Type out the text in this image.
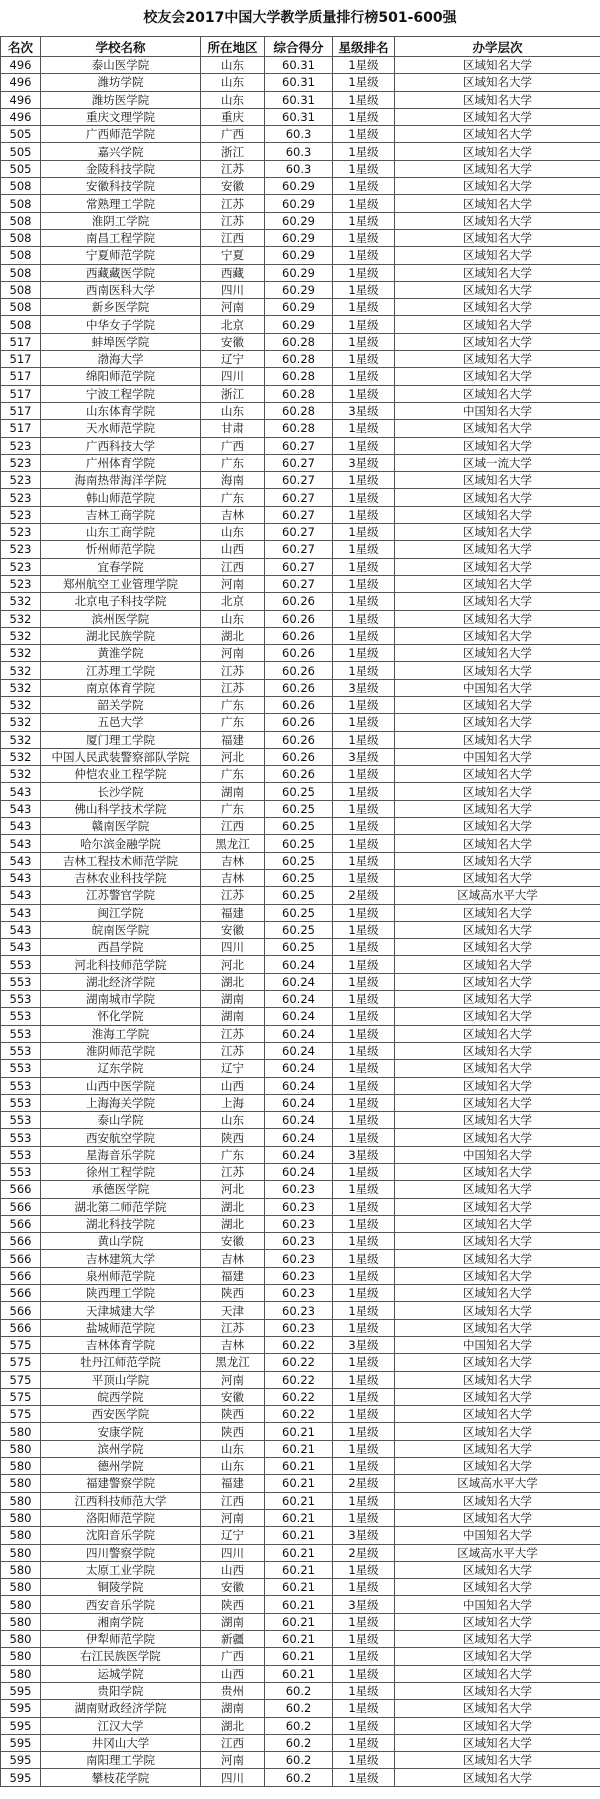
校友会2017中国大学教学质量排行榜501-600强
名次	学校名称	所在地区	综合得分	星级排名	办学层次
496	泰山医学院	山东	60.31	1星级	区域知名大学
496	潍坊学院	山东	60.31	1星级	区域知名大学
496	潍坊医学院	山东	60.31	1星级	区域知名大学
496	重庆文理学院	重庆	60.31	1星级	区域知名大学
505	广西师范学院	广西	60.3	1星级	区域知名大学
505	嘉兴学院	浙江	60.3	1星级	区域知名大学
505	金陵科技学院	江苏	60.3	1星级	区域知名大学
508	安徽科技学院	安徽	60.29	1星级	区域知名大学
508	常熟理工学院	江苏	60.29	1星级	区域知名大学
508	淮阴工学院	江苏	60.29	1星级	区域知名大学
508	南昌工程学院	江西	60.29	1星级	区域知名大学
508	宁夏师范学院	宁夏	60.29	1星级	区域知名大学
508	西藏藏医学院	西藏	60.29	1星级	区域知名大学
508	西南医科大学	四川	60.29	1星级	区域知名大学
508	新乡医学院	河南	60.29	1星级	区域知名大学
508	中华女子学院	北京	60.29	1星级	区域知名大学
517	蚌埠医学院	安徽	60.28	1星级	区域知名大学
517	渤海大学	辽宁	60.28	1星级	区域知名大学
517	绵阳师范学院	四川	60.28	1星级	区域知名大学
517	宁波工程学院	浙江	60.28	1星级	区域知名大学
517	山东体育学院	山东	60.28	3星级	中国知名大学
517	天水师范学院	甘肃	60.28	1星级	区域知名大学
523	广西科技大学	广西	60.27	1星级	区域知名大学
523	广州体育学院	广东	60.27	3星级	区域一流大学
523	海南热带海洋学院	海南	60.27	1星级	区域知名大学
523	韩山师范学院	广东	60.27	1星级	区域知名大学
523	吉林工商学院	吉林	60.27	1星级	区域知名大学
523	山东工商学院	山东	60.27	1星级	区域知名大学
523	忻州师范学院	山西	60.27	1星级	区域知名大学
523	宜春学院	江西	60.27	1星级	区域知名大学
523	郑州航空工业管理学院	河南	60.27	1星级	区域知名大学
532	北京电子科技学院	北京	60.26	1星级	区域知名大学
532	滨州医学院	山东	60.26	1星级	区域知名大学
532	湖北民族学院	湖北	60.26	1星级	区域知名大学
532	黄淮学院	河南	60.26	1星级	区域知名大学
532	江苏理工学院	江苏	60.26	1星级	区域知名大学
532	南京体育学院	江苏	60.26	3星级	中国知名大学
532	韶关学院	广东	60.26	1星级	区域知名大学
532	五邑大学	广东	60.26	1星级	区域知名大学
532	厦门理工学院	福建	60.26	1星级	区域知名大学
532	中国人民武装警察部队学院	河北	60.26	3星级	中国知名大学
532	仲恺农业工程学院	广东	60.26	1星级	区域知名大学
543	长沙学院	湖南	60.25	1星级	区域知名大学
543	佛山科学技术学院	广东	60.25	1星级	区域知名大学
543	赣南医学院	江西	60.25	1星级	区域知名大学
543	哈尔滨金融学院	黑龙江	60.25	1星级	区域知名大学
543	吉林工程技术师范学院	吉林	60.25	1星级	区域知名大学
543	吉林农业科技学院	吉林	60.25	1星级	区域知名大学
543	江苏警官学院	江苏	60.25	2星级	区域高水平大学
543	闽江学院	福建	60.25	1星级	区域知名大学
543	皖南医学院	安徽	60.25	1星级	区域知名大学
543	西昌学院	四川	60.25	1星级	区域知名大学
553	河北科技师范学院	河北	60.24	1星级	区域知名大学
553	湖北经济学院	湖北	60.24	1星级	区域知名大学
553	湖南城市学院	湖南	60.24	1星级	区域知名大学
553	怀化学院	湖南	60.24	1星级	区域知名大学
553	淮海工学院	江苏	60.24	1星级	区域知名大学
553	淮阴师范学院	江苏	60.24	1星级	区域知名大学
553	辽东学院	辽宁	60.24	1星级	区域知名大学
553	山西中医学院	山西	60.24	1星级	区域知名大学
553	上海海关学院	上海	60.24	1星级	区域知名大学
553	泰山学院	山东	60.24	1星级	区域知名大学
553	西安航空学院	陕西	60.24	1星级	区域知名大学
553	星海音乐学院	广东	60.24	3星级	中国知名大学
553	徐州工程学院	江苏	60.24	1星级	区域知名大学
566	承德医学院	河北	60.23	1星级	区域知名大学
566	湖北第二师范学院	湖北	60.23	1星级	区域知名大学
566	湖北科技学院	湖北	60.23	1星级	区域知名大学
566	黄山学院	安徽	60.23	1星级	区域知名大学
566	吉林建筑大学	吉林	60.23	1星级	区域知名大学
566	泉州师范学院	福建	60.23	1星级	区域知名大学
566	陕西理工学院	陕西	60.23	1星级	区域知名大学
566	天津城建大学	天津	60.23	1星级	区域知名大学
566	盐城师范学院	江苏	60.23	1星级	区域知名大学
575	吉林体育学院	吉林	60.22	3星级	中国知名大学
575	牡丹江师范学院	黑龙江	60.22	1星级	区域知名大学
575	平顶山学院	河南	60.22	1星级	区域知名大学
575	皖西学院	安徽	60.22	1星级	区域知名大学
575	西安医学院	陕西	60.22	1星级	区域知名大学
580	安康学院	陕西	60.21	1星级	区域知名大学
580	滨州学院	山东	60.21	1星级	区域知名大学
580	德州学院	山东	60.21	1星级	区域知名大学
580	福建警察学院	福建	60.21	2星级	区域高水平大学
580	江西科技师范大学	江西	60.21	1星级	区域知名大学
580	洛阳师范学院	河南	60.21	1星级	区域知名大学
580	沈阳音乐学院	辽宁	60.21	3星级	中国知名大学
580	四川警察学院	四川	60.21	2星级	区域高水平大学
580	太原工业学院	山西	60.21	1星级	区域知名大学
580	铜陵学院	安徽	60.21	1星级	区域知名大学
580	西安音乐学院	陕西	60.21	3星级	中国知名大学
580	湘南学院	湖南	60.21	1星级	区域知名大学
580	伊犁师范学院	新疆	60.21	1星级	区域知名大学
580	右江民族医学院	广西	60.21	1星级	区域知名大学
580	运城学院	山西	60.21	1星级	区域知名大学
595	贵阳学院	贵州	60.2	1星级	区域知名大学
595	湖南财政经济学院	湖南	60.2	1星级	区域知名大学
595	江汉大学	湖北	60.2	1星级	区域知名大学
595	井冈山大学	江西	60.2	1星级	区域知名大学
595	南阳理工学院	河南	60.2	1星级	区域知名大学
595	攀枝花学院	四川	60.2	1星级	区域知名大学
